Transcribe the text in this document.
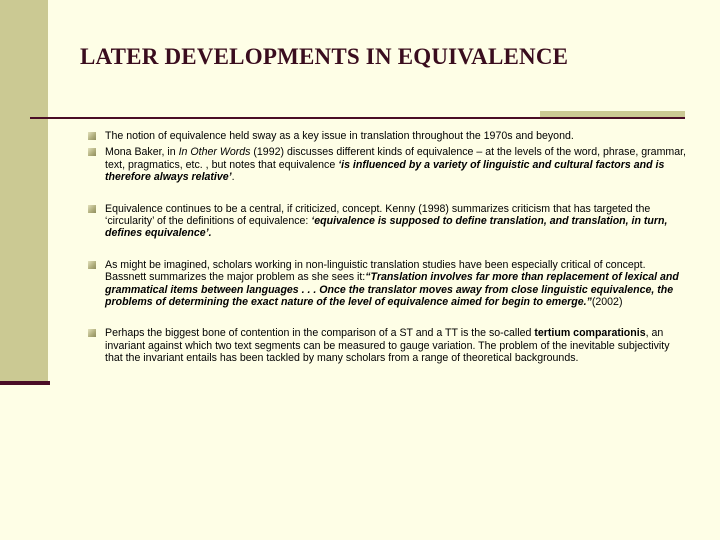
LATER DEVELOPMENTS IN EQUIVALENCE
The notion of equivalence held sway as a key issue in translation throughout the 1970s and beyond.
Mona Baker, in In Other Words (1992) discusses different kinds of equivalence – at the levels of the word, phrase, grammar, text, pragmatics, etc. , but notes that equivalence ‘is influenced by a variety of linguistic and cultural factors and is therefore always relative’.
Equivalence continues to be a central, if criticized, concept. Kenny (1998) summarizes criticism that has targeted the ‘circularity’ of the definitions of equivalence: ‘equivalence is supposed to define translation, and translation, in turn, defines equivalence’.
As might be imagined, scholars working in non-linguistic translation studies have been especially critical of concept. Bassnett summarizes the major problem as she sees it:“Translation involves far more than replacement of lexical and grammatical items between languages . . . Once the translator moves away from close linguistic equivalence, the problems of determining the exact nature of the level of equivalence aimed for begin to emerge.”(2002)
Perhaps the biggest bone of contention in the comparison of a ST and a TT is the so-called tertium comparationis, an invariant against which two text segments can be measured to gauge variation. The problem of the inevitable subjectivity that the invariant entails has been tackled by many scholars from a range of theoretical backgrounds.
